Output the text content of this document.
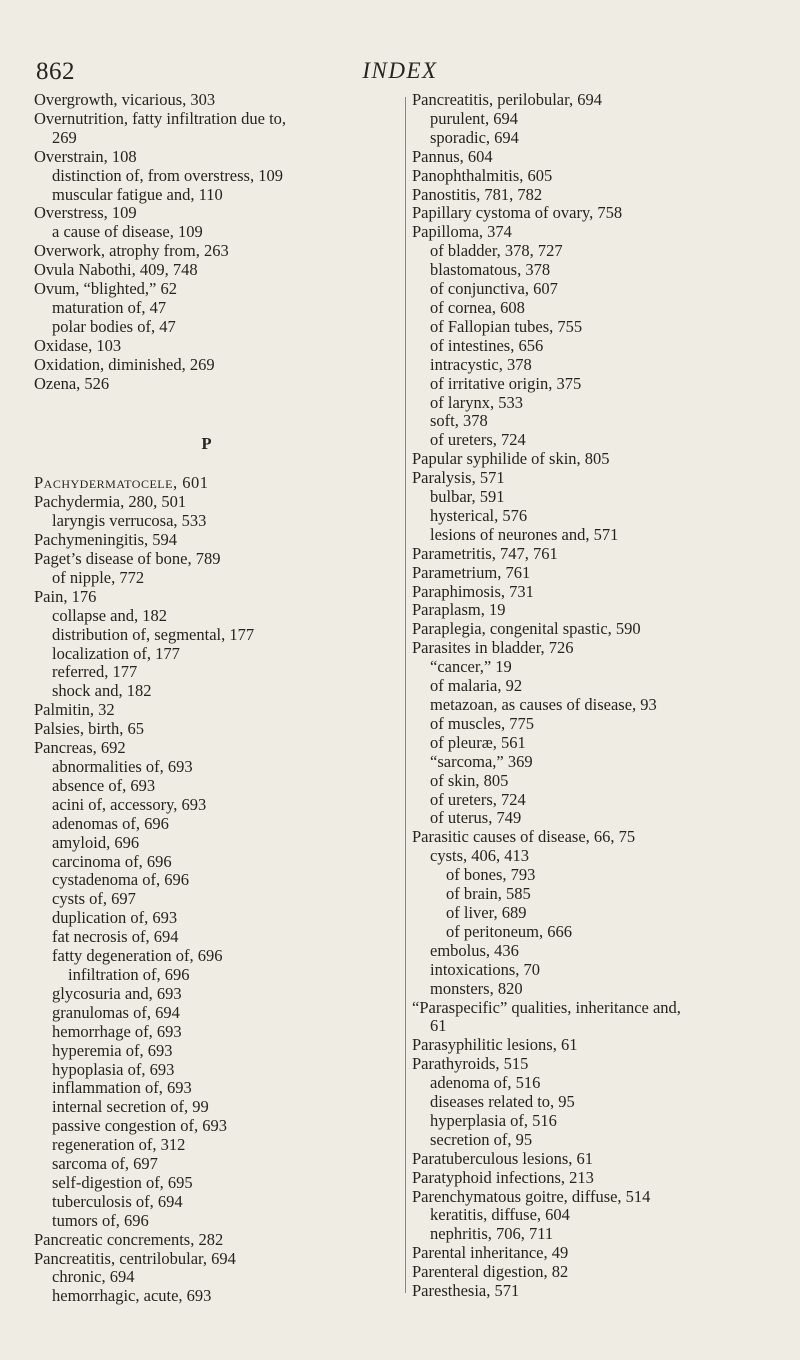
862	INDEX
Overgrowth, vicarious, 303
Overnutrition, fatty infiltration due to,
269
Overstrain, 108
distinction of, from overstress, 109
muscular fatigue and, 110
Overstress, 109
a cause of disease, 109
Overwork, atrophy from, 263
Ovula Nabothi, 409, 748
Ovum, “blighted,” 62
maturation of, 47
polar bodies of, 47
Oxidase, 103
Oxidation, diminished, 269
Ozena, 526
P
Pachydermatocele, 601
Pachydermia, 280, 501
laryngis verrucosa, 533
Pachymeningitis, 594
Paget’s disease of bone, 789
of nipple, 772
Pain, 176
collapse and, 182
distribution of, segmental, 177
localization of, 177
referred, 177
shock and, 182
Palmitin, 32
Palsies, birth, 65
Pancreas, 692
abnormalities of, 693
absence of, 693
acini of, accessory, 693
adenomas of, 696
amyloid, 696
carcinoma of, 696
cystadenoma of, 696
cysts of, 697
duplication of, 693
fat necrosis of, 694
fatty degeneration of, 696
infiltration of, 696
glycosuria and, 693
granulomas of, 694
hemorrhage of, 693
hyperemia of, 693
hypoplasia of, 693
inflammation of, 693
internal secretion of, 99
passive congestion of, 693
regeneration of, 312
sarcoma of, 697
self-digestion of, 695
tuberculosis of, 694
tumors of, 696
Pancreatic concrements, 282
Pancreatitis, centrilobular, 694
chronic, 694
hemorrhagic, acute, 693
Pancreatitis, perilobular, 694
purulent, 694
sporadic, 694
Pannus, 604
Panophthalmitis, 605
Panostitis, 781, 782
Papillary cystoma of ovary, 758
Papilloma, 374
of bladder, 378, 727
blastomatous, 378
of conjunctiva, 607
of cornea, 608
of Fallopian tubes, 755
of intestines, 656
intracystic, 378
of irritative origin, 375
of larynx, 533
soft, 378
of ureters, 724
Papular syphilide of skin, 805
Paralysis, 571
bulbar, 591
hysterical, 576
lesions of neurones and, 571
Parametritis, 747, 761
Parametrium, 761
Paraphimosis, 731
Paraplasm, 19
Paraplegia, congenital spastic, 590
Parasites in bladder, 726
“cancer,” 19
of malaria, 92
metazoan, as causes of disease, 93
of muscles, 775
of pleuræ, 561
“sarcoma,” 369
of skin, 805
of ureters, 724
of uterus, 749
Parasitic causes of disease, 66, 75
cysts, 406, 413
of bones, 793
of brain, 585
of liver, 689
of peritoneum, 666
embolus, 436
intoxications, 70
monsters, 820
“Paraspecific” qualities, inheritance and,
61
Parasyphilitic lesions, 61
Parathyroids, 515
adenoma of, 516
diseases related to, 95
hyperplasia of, 516
secretion of, 95
Paratuberculous lesions, 61
Paratyphoid infections, 213
Parenchymatous goitre, diffuse, 514
keratitis, diffuse, 604
nephritis, 706, 711
Parental inheritance, 49
Parenteral digestion, 82
Paresthesia, 571
